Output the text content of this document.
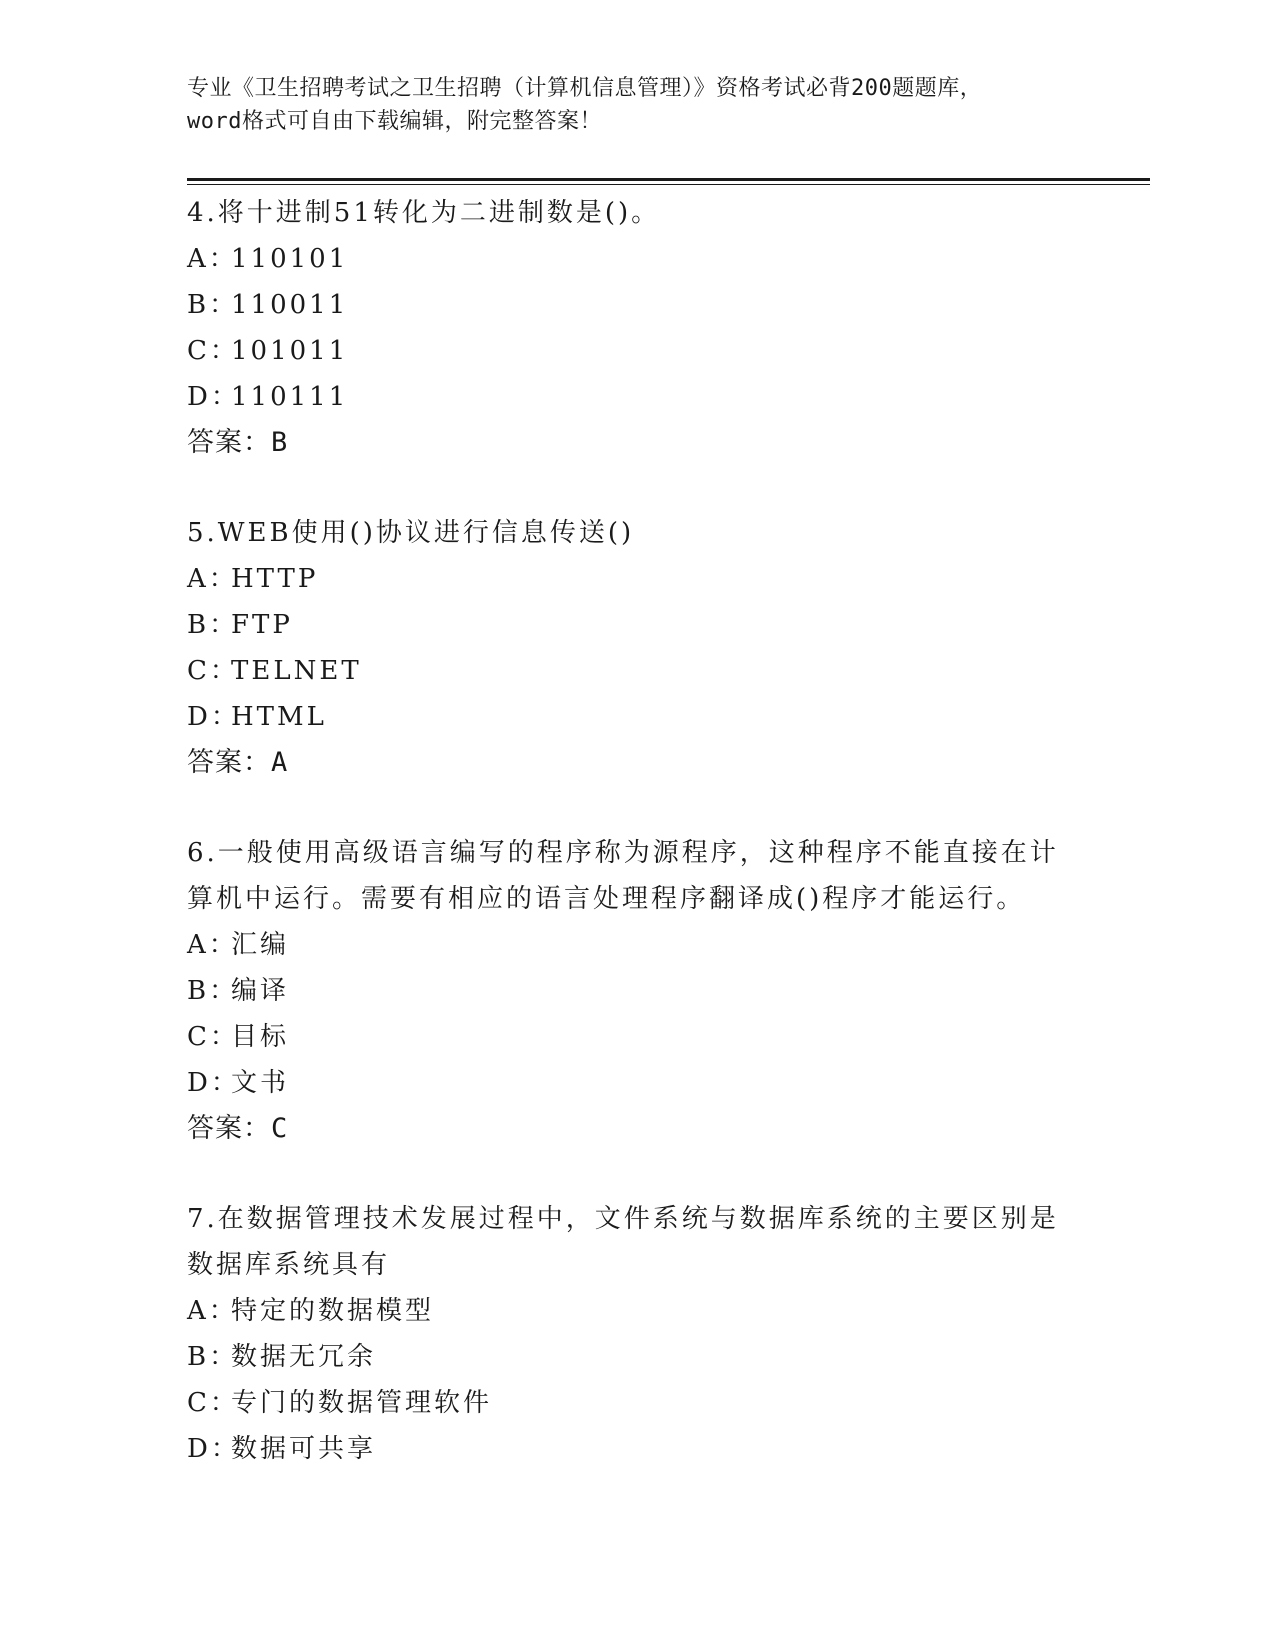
专业《卫生招聘考试之卫生招聘（计算机信息管理）》资格考试必背200题题库，
word格式可自由下载编辑，附完整答案！
4.将十进制51转化为二进制数是()。
A：110101
B：110011
C：101011
D：110111
答案：B
5.WEB使用()协议进行信息传送()
A：HTTP
B：FTP
C：TELNET
D：HTML
答案：A
6.一般使用高级语言编写的程序称为源程序，这种程序不能直接在计
算机中运行。需要有相应的语言处理程序翻译成()程序才能运行。
A：汇编
B：编译
C：目标
D：文书
答案：C
7.在数据管理技术发展过程中，文件系统与数据库系统的主要区别是
数据库系统具有
A：特定的数据模型
B：数据无冗余
C：专门的数据管理软件
D：数据可共享
